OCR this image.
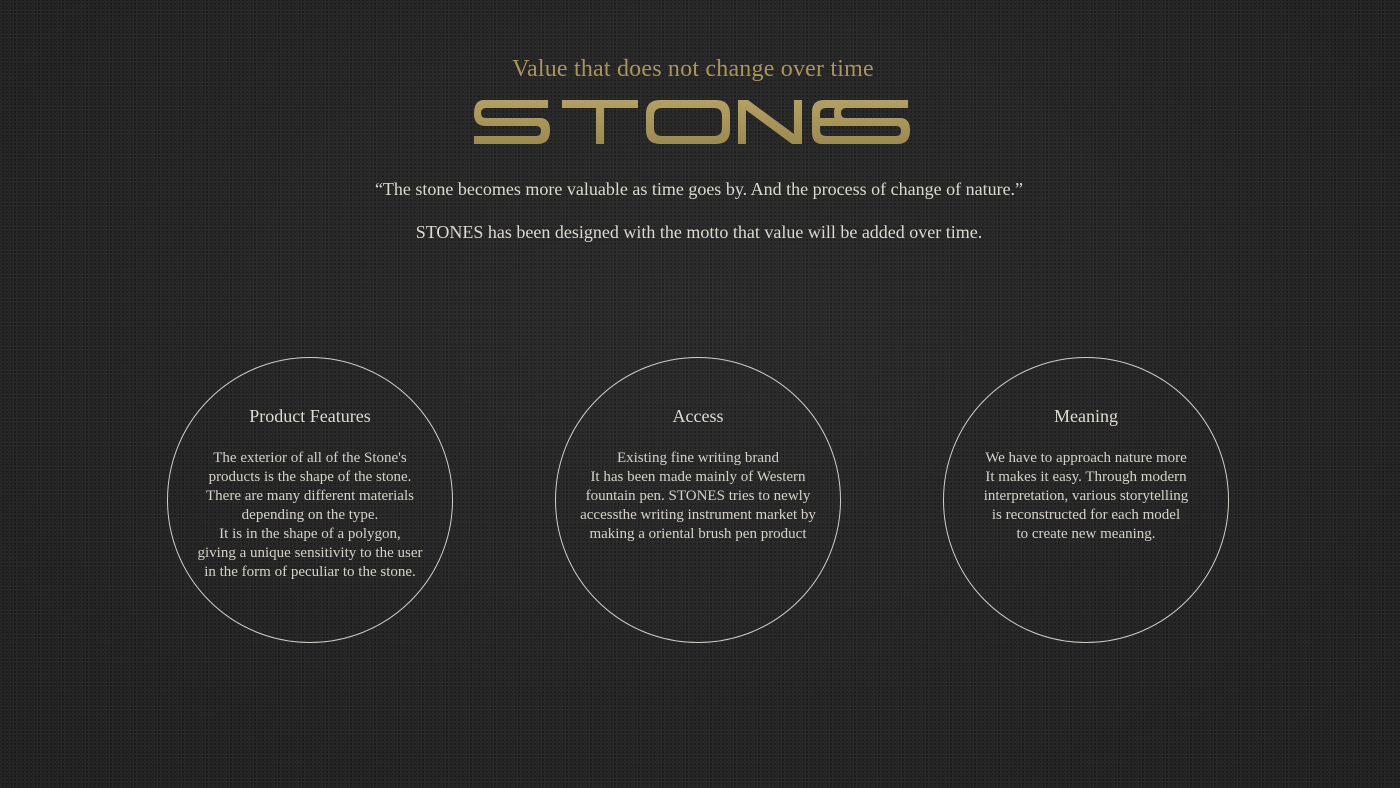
Value that does not change over time
“The stone becomes more valuable as time goes by. And the process of change of nature.”
STONES has been designed with the motto that value will be added over time.
Product Features
The exterior of all of the Stone's
products is the shape of the stone.
There are many different materials
depending on the type.
It is in the shape of a polygon,
giving a unique sensitivity to the user
in the form of peculiar to the stone.
Access
Existing fine writing brand
It has been made mainly of Western
fountain pen. STONES tries to newly
accessthe writing instrument market by
making a oriental brush pen product
Meaning
We have to approach nature more
It makes it easy. Through modern
interpretation, various storytelling
is reconstructed for each model
to create new meaning.
